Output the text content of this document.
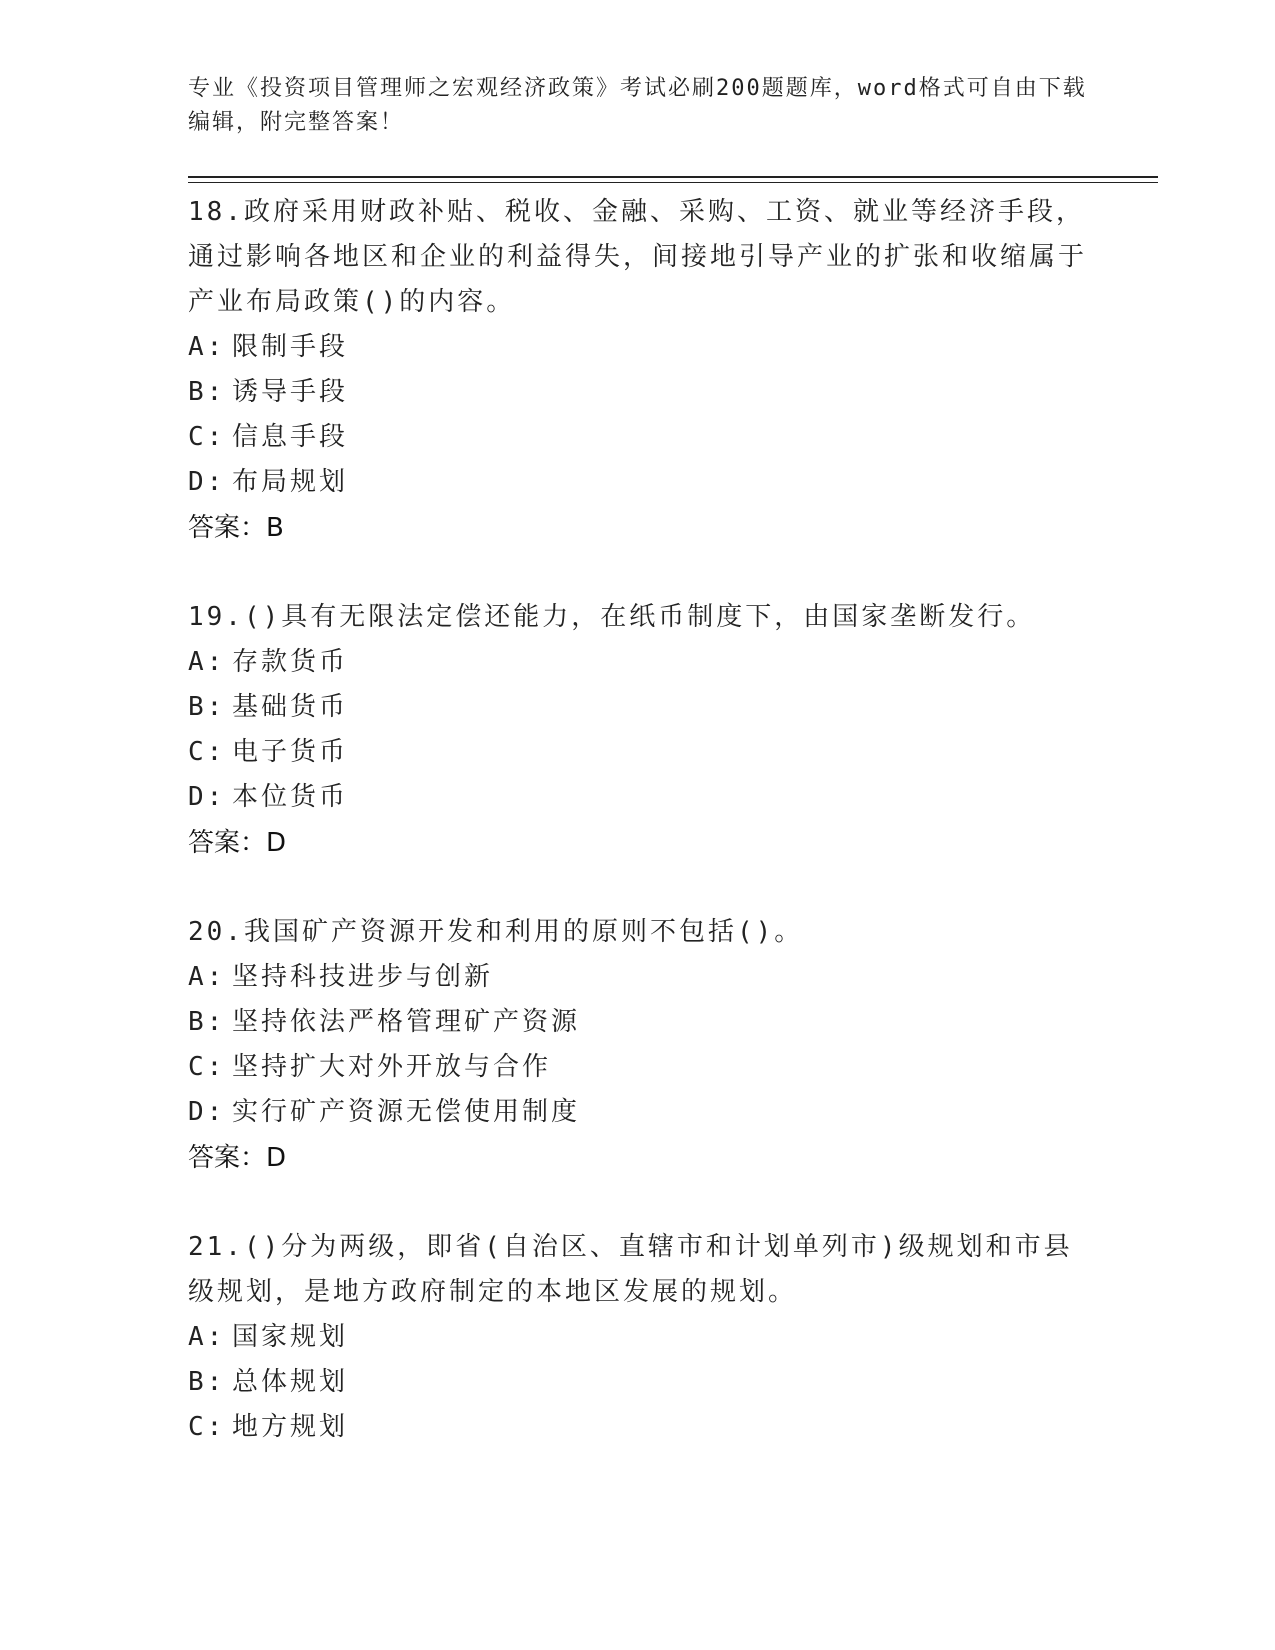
专业《投资项目管理师之宏观经济政策》考试必刷200题题库，word格式可自由下载编辑，附完整答案！

18.政府采用财政补贴、税收、金融、采购、工资、就业等经济手段，通过影响各地区和企业的利益得失，间接地引导产业的扩张和收缩属于产业布局政策()的内容。

A: 限制手段

B: 诱导手段

C: 信息手段

D: 布局规划

答案：B

19.()具有无限法定偿还能力，在纸币制度下，由国家垄断发行。

A: 存款货币

B: 基础货币

C: 电子货币

D: 本位货币

答案：D

20.我国矿产资源开发和利用的原则不包括()。

A: 坚持科技进步与创新

B: 坚持依法严格管理矿产资源

C: 坚持扩大对外开放与合作

D: 实行矿产资源无偿使用制度

答案：D

21.()分为两级，即省(自治区、直辖市和计划单列市)级规划和市县级规划，是地方政府制定的本地区发展的规划。

A: 国家规划

B: 总体规划

C: 地方规划
